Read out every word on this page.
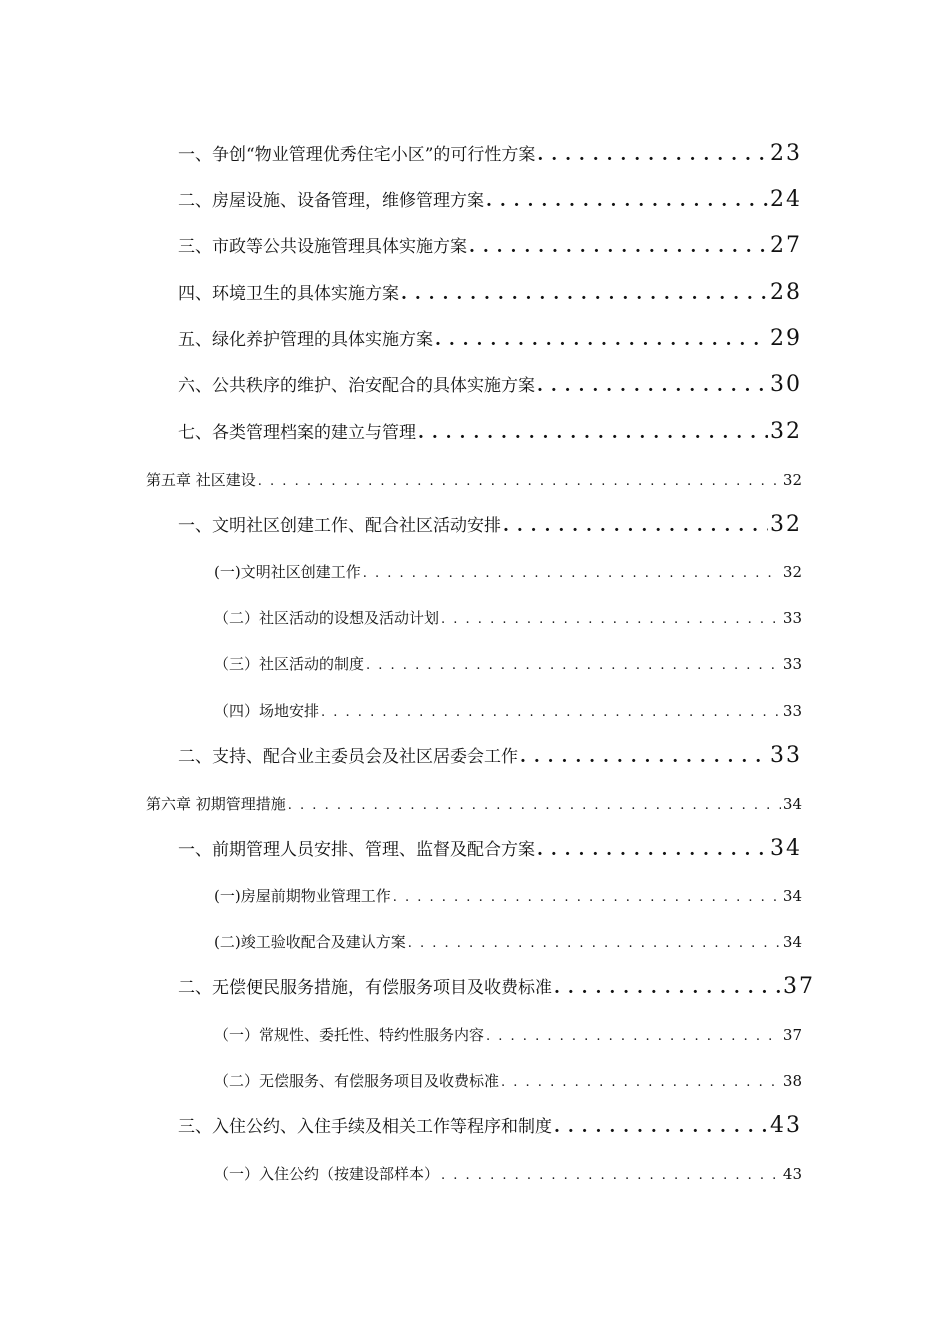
一、争创“物业管理优秀住宅小区”的可行性方案 . . .	23
二、房屋设施、设备管理，维修管理方案 . . .	24
三、市政等公共设施管理具体实施方案 . . .	27
四、环境卫生的具体实施方案 . . .	28
五、绿化养护管理的具体实施方案 . . .	29
六、公共秩序的维护、治安配合的具体实施方案 . . .	30
七、各类管理档案的建立与管理 . . .	32
第五章 社区建设 . . .	32
一、文明社区创建工作、配合社区活动安排 . . .	32
(一)文明社区创建工作 . . .	32
（二）社区活动的设想及活动计划 . . .	33
（三）社区活动的制度 . . .	33
（四）场地安排 . . .	33
二、支持、配合业主委员会及社区居委会工作 . . .	33
第六章 初期管理措施 . . .	34
一、前期管理人员安排、管理、监督及配合方案 . . .	34
(一)房屋前期物业管理工作 . . .	34
(二)竣工验收配合及建认方案 . . .	34
二、无偿便民服务措施，有偿服务项目及收费标准 . . .	37
（一）常规性、委托性、特约性服务内容 . . .	37
（二）无偿服务、有偿服务项目及收费标准 . . .	38
三、入住公约、入住手续及相关工作等程序和制度 . . .	43
（一）入住公约（按建设部样本） . . .	43
